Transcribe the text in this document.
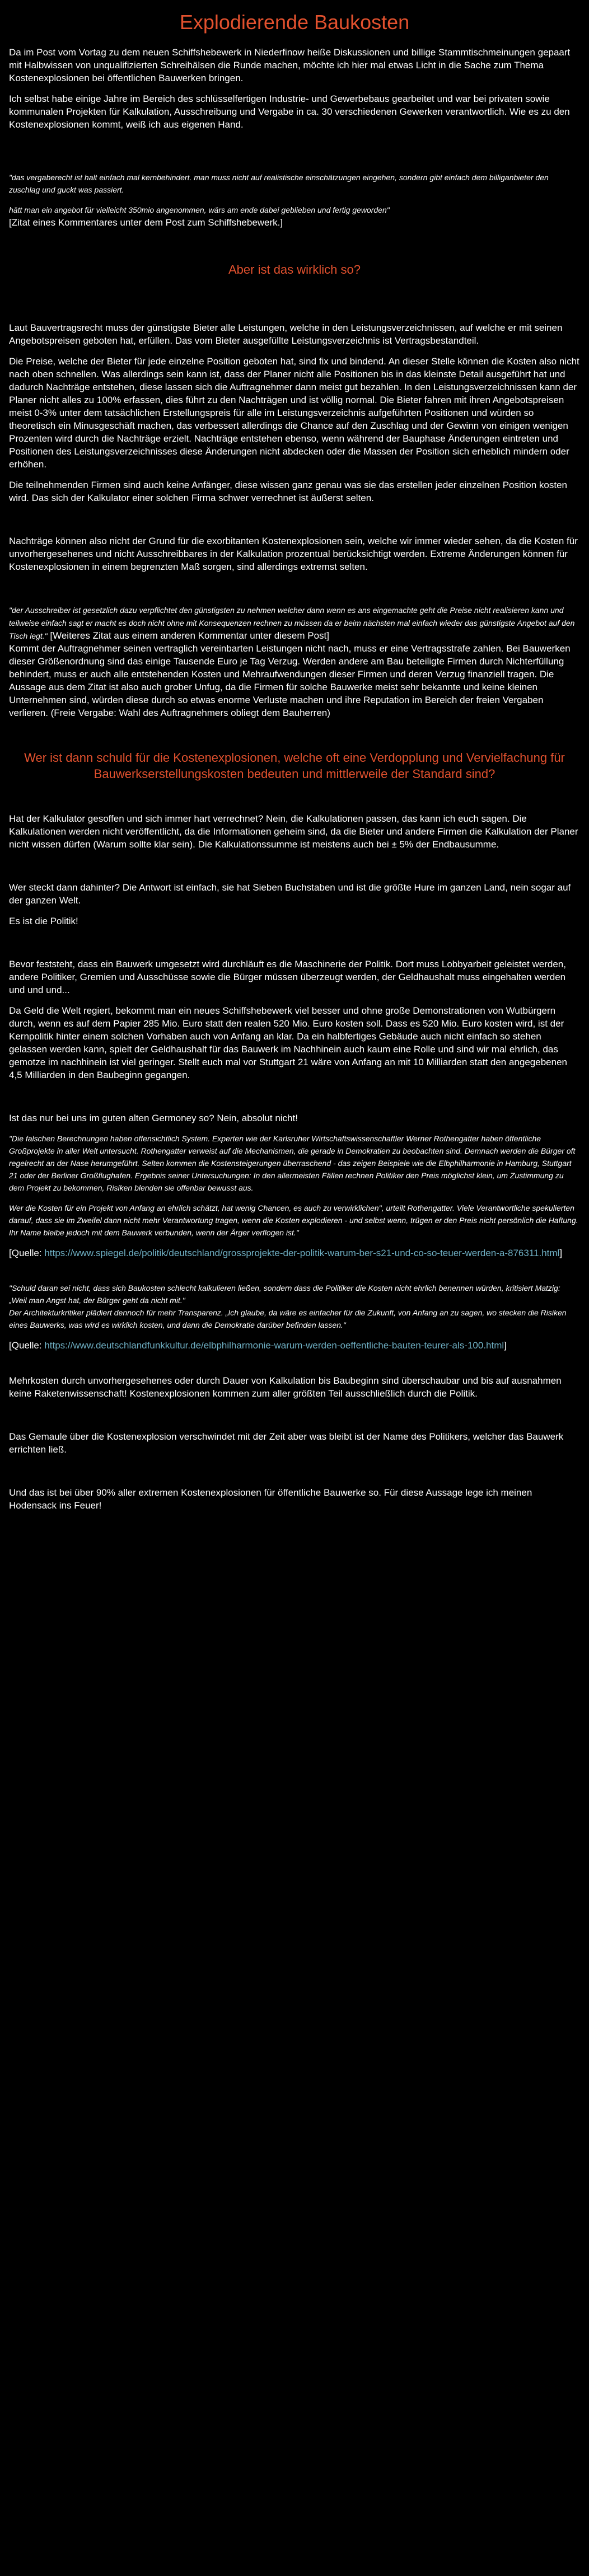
Explodierende Baukosten

Da im Post vom Vortag zu dem neuen Schiffshebewerk in Niederfinow heiße Diskussionen und billige Stammtischmeinungen gepaart mit Halbwissen von unqualifizierten Schreihälsen die Runde machen, möchte ich hier mal etwas Licht in die Sache zum Thema Kostenexplosionen bei öffentlichen Bauwerken bringen.

Ich selbst habe einige Jahre im Bereich des schlüsselfertigen Industrie- und Gewerbebaus gearbeitet und war bei privaten sowie kommunalen Projekten für Kalkulation, Ausschreibung und Vergabe in ca. 30 verschiedenen Gewerken verantwortlich. Wie es zu den Kostenexplosionen kommt, weiß ich aus eigenen Hand.

"das vergaberecht ist halt einfach mal kernbehindert. man muss nicht auf realistische einschätzungen eingehen, sondern gibt einfach dem billiganbieter den zuschlag und guckt was passiert.

hätt man ein angebot für vielleicht 350mio angenommen, wärs am ende dabei geblieben und fertig geworden"

[Zitat eines Kommentares unter dem Post zum Schiffshebewerk.]

Aber ist das wirklich so?

Laut Bauvertragsrecht muss der günstigste Bieter alle Leistungen, welche in den Leistungsverzeichnissen, auf welche er mit seinen Angebotspreisen geboten hat, erfüllen. Das vom Bieter ausgefüllte Leistungsverzeichnis ist Vertragsbestandteil.

Die Preise, welche der Bieter für jede einzelne Position geboten hat, sind fix und bindend. An dieser Stelle können die Kosten also nicht nach oben schnellen. Was allerdings sein kann ist, dass der Planer nicht alle Positionen bis in das kleinste Detail ausgeführt hat und dadurch Nachträge entstehen, diese lassen sich die Auftragnehmer dann meist gut bezahlen. In den Leistungsverzeichnissen kann der Planer nicht alles zu 100% erfassen, dies führt zu den Nachträgen und ist völlig normal. Die Bieter fahren mit ihren Angebotspreisen meist 0-3% unter dem tatsächlichen Erstellungspreis für alle im Leistungsverzeichnis aufgeführten Positionen und würden so theoretisch ein Minusgeschäft machen, das verbessert allerdings die Chance auf den Zuschlag und der Gewinn von einigen wenigen Prozenten wird durch die Nachträge erzielt. Nachträge entstehen ebenso, wenn während der Bauphase Änderungen eintreten und Positionen des Leistungsverzeichnisses diese Änderungen nicht abdecken oder die Massen der Position sich erheblich mindern oder erhöhen.

Die teilnehmenden Firmen sind auch keine Anfänger, diese wissen ganz genau was sie das erstellen jeder einzelnen Position kosten wird. Das sich der Kalkulator einer solchen Firma schwer verrechnet ist äußerst selten.

Nachträge können also nicht der Grund für die exorbitanten Kostenexplosionen sein, welche wir immer wieder sehen, da die Kosten für unvorhergesehenes und nicht Ausschreibbares in der Kalkulation prozentual berücksichtigt werden. Extreme Änderungen können für Kostenexplosionen in einem begrenzten Maß sorgen, sind allerdings extremst selten.

"der Ausschreiber ist gesetzlich dazu verpflichtet den günstigsten zu nehmen welcher dann wenn es ans eingemachte geht die Preise nicht realisieren kann und teilweise einfach sagt er macht es doch nicht ohne mit Konsequenzen rechnen zu müssen da er beim nächsten mal einfach wieder das günstigste Angebot auf den Tisch legt." [Weiteres Zitat aus einem anderen Kommentar unter diesem Post]

Kommt der Auftragnehmer seinen vertraglich vereinbarten Leistungen nicht nach, muss er eine Vertragsstrafe zahlen. Bei Bauwerken dieser Größenordnung sind das einige Tausende Euro je Tag Verzug. Werden andere am Bau beteiligte Firmen durch Nichterfüllung behindert, muss er auch alle entstehenden Kosten und Mehraufwendungen dieser Firmen und deren Verzug finanziell tragen. Die Aussage aus dem Zitat ist also auch grober Unfug, da die Firmen für solche Bauwerke meist sehr bekannte und keine kleinen Unternehmen sind, würden diese durch so etwas enorme Verluste machen und ihre Reputation im Bereich der freien Vergaben verlieren. (Freie Vergabe: Wahl des Auftragnehmers obliegt dem Bauherren)

Wer ist dann schuld für die Kostenexplosionen, welche oft eine Verdopplung und Vervielfachung für Bauwerkserstellungskosten bedeuten und mittlerweile der Standard sind?

Hat der Kalkulator gesoffen und sich immer hart verrechnet? Nein, die Kalkulationen passen, das kann ich euch sagen. Die Kalkulationen werden nicht veröffentlicht, da die Informationen geheim sind, da die Bieter und andere Firmen die Kalkulation der Planer nicht wissen dürfen (Warum sollte klar sein). Die Kalkulationssumme ist meistens auch bei ± 5% der Endbausumme.

Wer steckt dann dahinter? Die Antwort ist einfach, sie hat Sieben Buchstaben und ist die größte Hure im ganzen Land, nein sogar auf der ganzen Welt.

Es ist die Politik!

Bevor feststeht, dass ein Bauwerk umgesetzt wird durchläuft es die Maschinerie der Politik. Dort muss Lobbyarbeit geleistet werden, andere Politiker, Gremien und Ausschüsse sowie die Bürger müssen überzeugt werden, der Geldhaushalt muss eingehalten werden und und und...

Da Geld die Welt regiert, bekommt man ein neues Schiffshebewerk viel besser und ohne große Demonstrationen von Wutbürgern durch, wenn es auf dem Papier 285 Mio. Euro statt den realen 520 Mio. Euro kosten soll. Dass es 520 Mio. Euro kosten wird, ist der Kernpolitik hinter einem solchen Vorhaben auch von Anfang an klar. Da ein halbfertiges Gebäude auch nicht einfach so stehen gelassen werden kann, spielt der Geldhaushalt für das Bauwerk im Nachhinein auch kaum eine Rolle und sind wir mal ehrlich, das gemotze im nachhinein ist viel geringer. Stellt euch mal vor Stuttgart 21 wäre von Anfang an mit 10 Milliarden statt den angegebenen 4,5 Milliarden in den Baubeginn gegangen.

Ist das nur bei uns im guten alten Germoney so? Nein, absolut nicht!

"Die falschen Berechnungen haben offensichtlich System. Experten wie der Karlsruher Wirtschaftswissenschaftler Werner Rothengatter haben öffentliche Großprojekte in aller Welt untersucht. Rothengatter verweist auf die Mechanismen, die gerade in Demokratien zu beobachten sind. Demnach werden die Bürger oft regelrecht an der Nase herumgeführt. Selten kommen die Kostensteigerungen überraschend - das zeigen Beispiele wie die Elbphilharmonie in Hamburg, Stuttgart 21 oder der Berliner Großflughafen. Ergebnis seiner Untersuchungen: In den allermeisten Fällen rechnen Politiker den Preis möglichst klein, um Zustimmung zu dem Projekt zu bekommen, Risiken blenden sie offenbar bewusst aus.

Wer die Kosten für ein Projekt von Anfang an ehrlich schätzt, hat wenig Chancen, es auch zu verwirklichen", urteilt Rothengatter. Viele Verantwortliche spekulierten darauf, dass sie im Zweifel dann nicht mehr Verantwortung tragen, wenn die Kosten explodieren - und selbst wenn, trügen er den Preis nicht persönlich die Haftung. Ihr Name bleibe jedoch mit dem Bauwerk verbunden, wenn der Ärger verflogen ist."

[Quelle: https://www.spiegel.de/politik/deutschland/grossprojekte-der-politik-warum-ber-s21-und-co-so-teuer-werden-a-876311.html]

"Schuld daran sei nicht, dass sich Baukosten schlecht kalkulieren ließen, sondern dass die Politiker die Kosten nicht ehrlich benennen würden, kritisiert Matzig: „Weil man Angst hat, der Bürger geht da nicht mit."

Der Architekturkritiker plädiert dennoch für mehr Transparenz. „Ich glaube, da wäre es einfacher für die Zukunft, von Anfang an zu sagen, wo stecken die Risiken eines Bauwerks, was wird es wirklich kosten, und dann die Demokratie darüber befinden lassen."

[Quelle: https://www.deutschlandfunkkultur.de/elbphilharmonie-warum-werden-oeffentliche-bauten-teurer-als-100.html]

Mehrkosten durch unvorhergesehenes oder durch Dauer von Kalkulation bis Baubeginn sind überschaubar und bis auf ausnahmen keine Raketenwissenschaft! Kostenexplosionen kommen zum aller größten Teil ausschließlich durch die Politik.

Das Gemaule über die Kostenexplosion verschwindet mit der Zeit aber was bleibt ist der Name des Politikers, welcher das Bauwerk errichten ließ.

Und das ist bei über 90% aller extremen Kostenexplosionen für öffentliche Bauwerke so. Für diese Aussage lege ich meinen Hodensack ins Feuer!
